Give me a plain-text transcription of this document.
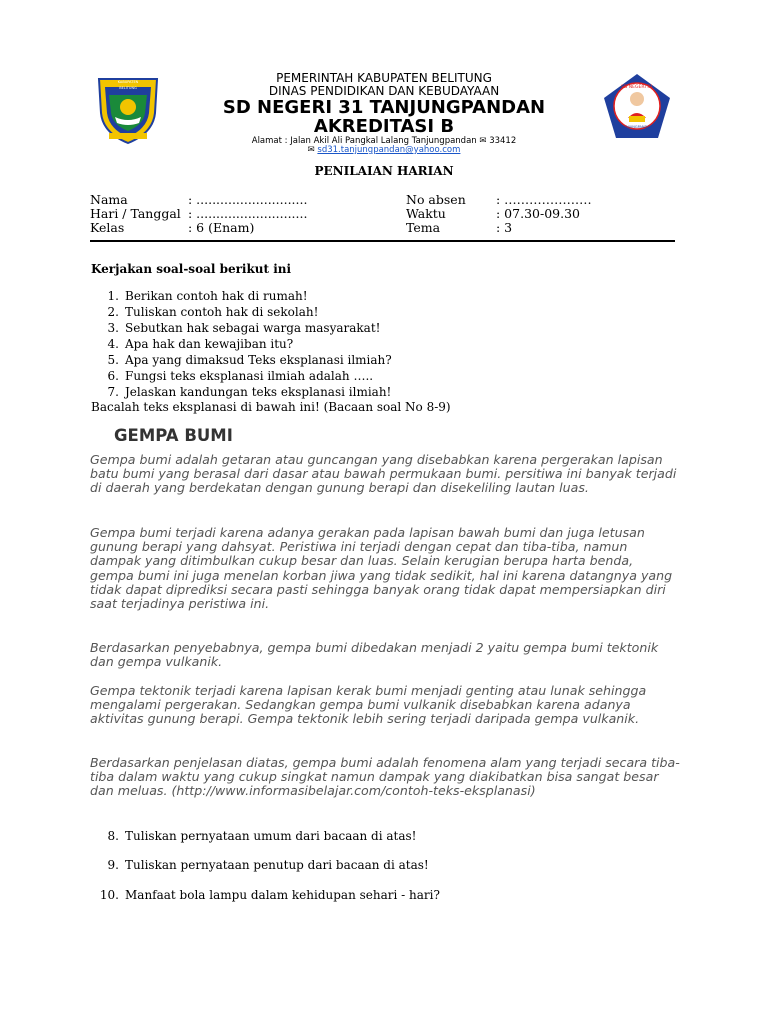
KABUPATEN BELITUNG	SD NEGERI 31
TANJUNGPANDAN
PEMERINTAH KABUPATEN BELITUNG
DINAS PENDIDIKAN DAN KEBUDAYAAN
SD NEGERI 31 TANJUNGPANDAN
AKREDITASI B
Alamat : Jalan Akil Ali Pangkal Lalang Tanjungpandan ✉ 33412
✉ sd31.tanjungpandan@yahoo.com
PENILAIAN HARIAN
Nama	: ............................	No absen : …………………
Hari / Tanggal : ............................	Waktu	: 07.30-09.30
Kelas	: 6 (Enam)	Tema	: 3
Kerjakan soal-soal berikut ini
1. Berikan contoh hak di rumah!
2. Tuliskan contoh hak di sekolah!
3. Sebutkan hak sebagai warga masyarakat!
4. Apa hak dan kewajiban itu?
5. Apa yang dimaksud Teks eksplanasi ilmiah?
6. Fungsi teks eksplanasi ilmiah adalah …..
7. Jelaskan kandungan teks eksplanasi ilmiah!
Bacalah teks eksplanasi di bawah ini! (Bacaan soal No 8-9)
GEMPA BUMI

Gempa bumi adalah getaran atau guncangan yang disebabkan karena pergerakan lapisan batu bumi yang berasal dari dasar atau bawah permukaan bumi. persitiwa ini banyak terjadi di daerah yang berdekatan dengan gunung berapi dan disekeliling lautan luas.

Gempa bumi terjadi karena adanya gerakan pada lapisan bawah bumi dan juga letusan gunung berapi yang dahsyat. Peristiwa ini terjadi dengan cepat dan tiba-tiba, namun dampak yang ditimbulkan cukup besar dan luas. Selain kerugian berupa harta benda, gempa bumi ini juga menelan korban jiwa yang tidak sedikit, hal ini karena datangnya yang tidak dapat diprediksi secara pasti sehingga banyak orang tidak dapat mempersiapkan diri saat terjadinya peristiwa ini.

Berdasarkan penyebabnya, gempa bumi dibedakan menjadi 2 yaitu gempa bumi tektonik dan gempa vulkanik.

Gempa tektonik terjadi karena lapisan kerak bumi menjadi genting atau lunak sehingga mengalami pergerakan. Sedangkan gempa bumi vulkanik disebabkan karena adanya aktivitas gunung berapi. Gempa tektonik lebih sering terjadi daripada gempa vulkanik.

Berdasarkan penjelasan diatas, gempa bumi adalah fenomena alam yang terjadi secara tiba-tiba dalam waktu yang cukup singkat namun dampak yang diakibatkan bisa sangat besar dan meluas. (http://www.informasibelajar.com/contoh-teks-eksplanasi)

8. Tuliskan pernyataan umum dari bacaan di atas!
9. Tuliskan pernyataan penutup dari bacaan di atas!
10. Manfaat bola lampu dalam kehidupan sehari - hari?
